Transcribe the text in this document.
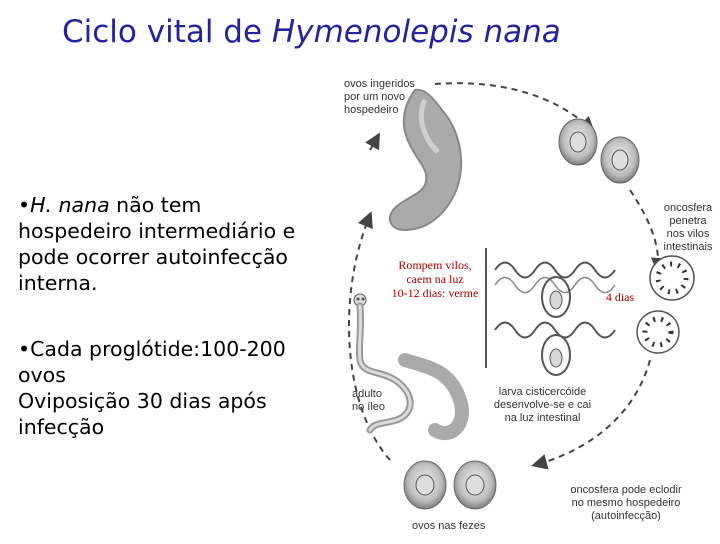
Ciclo vital de Hymenolepis nana

•H. nana não tem hospedeiro intermediário e pode ocorrer autoinfecção interna.

•Cada proglótide:100-200 ovos
Oviposição 30 dias após infecção

ovos ingeridos
por um novo
hospedeiro
oncosfera
penetra
nos vilos
intestinais
Rompem vilos,
caem na luz
10-12 dias: verme	4 dias
adulto
no íleo
larva cisticercóide
desenvolve-se e cai
na luz intestinal
oncosfera pode eclodir
no mesmo hospedeiro
(autoinfecção)
ovos nas fezes
